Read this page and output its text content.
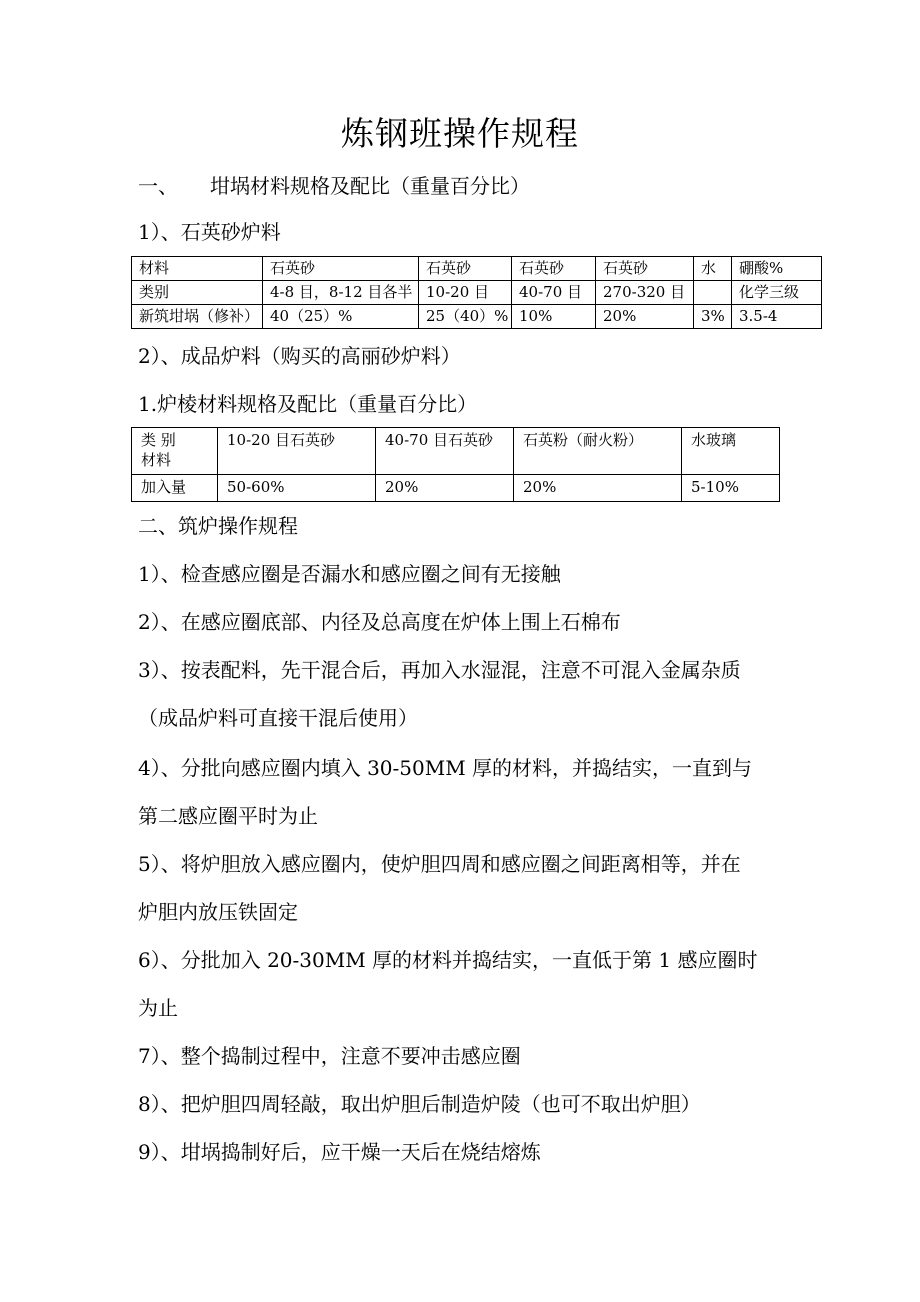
炼钢班操作规程
一、 坩埚材料规格及配比（重量百分比）
1）、石英砂炉料
材料	石英砂	石英砂	石英砂	石英砂	水	硼酸%
类别	4-8 目，8-12 目各半	10-20 目	40-70 目	270-320 目		化学三级
新筑坩埚（修补）	40（25）%	25（40）%	10%	20%	3%	3.5-4
2）、成品炉料（购买的高丽砂炉料）
1.炉棱材料规格及配比（重量百分比）
类 别
材料	10-20 目石英砂	40-70 目石英砂	石英粉（耐火粉）	水玻璃
加入量	50-60%	20%	20%	5-10%
二、筑炉操作规程
1）、检查感应圈是否漏水和感应圈之间有无接触
2）、在感应圈底部、内径及总高度在炉体上围上石棉布
3）、按表配料，先干混合后，再加入水湿混，注意不可混入金属杂质
（成品炉料可直接干混后使用）
4）、分批向感应圈内填入 30-50MM 厚的材料，并捣结实，一直到与
第二感应圈平时为止
5）、将炉胆放入感应圈内，使炉胆四周和感应圈之间距离相等，并在
炉胆内放压铁固定
6）、分批加入 20-30MM 厚的材料并捣结实，一直低于第 1 感应圈时
为止
7）、整个捣制过程中，注意不要冲击感应圈
8）、把炉胆四周轻敲，取出炉胆后制造炉陵（也可不取出炉胆）
9）、坩埚捣制好后，应干燥一天后在烧结熔炼
